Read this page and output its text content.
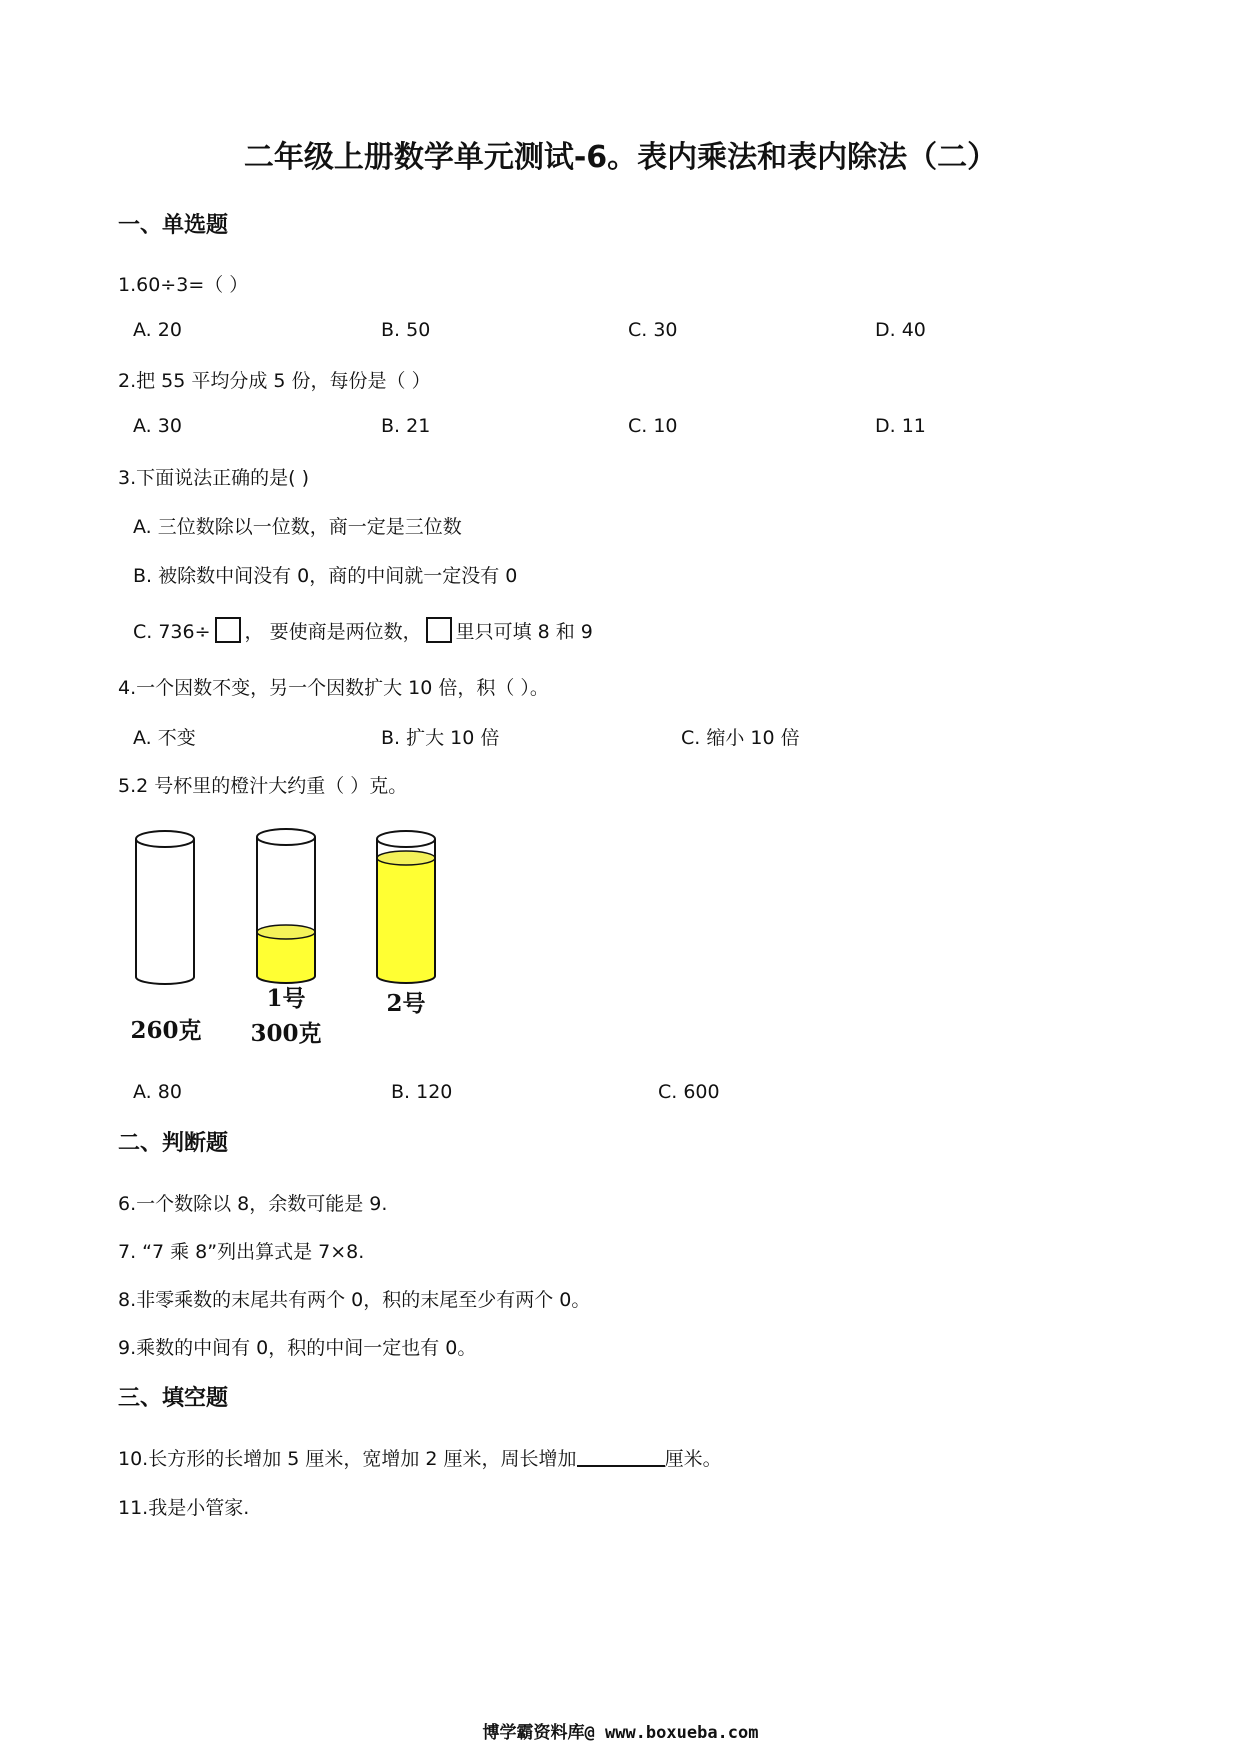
二年级上册数学单元测试-6。表内乘法和表内除法（二）
一、单选题
1.60÷3=（ ）
A. 20	B. 50	C. 30	D. 40
2.把 55 平均分成 5 份，每份是（ ）
A. 30	B. 21	C. 10	D. 11
3.下面说法正确的是( )
A. 三位数除以一位数，商一定是三位数
B. 被除数中间没有 0，商的中间就一定没有 0
C. 736÷ ， 要使商是两位数， 里只可填 8 和 9
4.一个因数不变，另一个因数扩大 10 倍，积（ ）。
A. 不变	B. 扩大 10 倍	C. 缩小 10 倍
5.2 号杯里的橙汁大约重（ ）克。
260克
1号
300克
2号
A. 80	B. 120	C. 600
二、判断题
6.一个数除以 8，余数可能是 9.
7. “7 乘 8”列出算式是 7×8.
8.非零乘数的末尾共有两个 0，积的末尾至少有两个 0。
9.乘数的中间有 0，积的中间一定也有 0。
三、填空题
10.长方形的长增加 5 厘米，宽增加 2 厘米，周长增加	厘米。
11.我是小管家.
博学霸资料库@ www.boxueba.com
